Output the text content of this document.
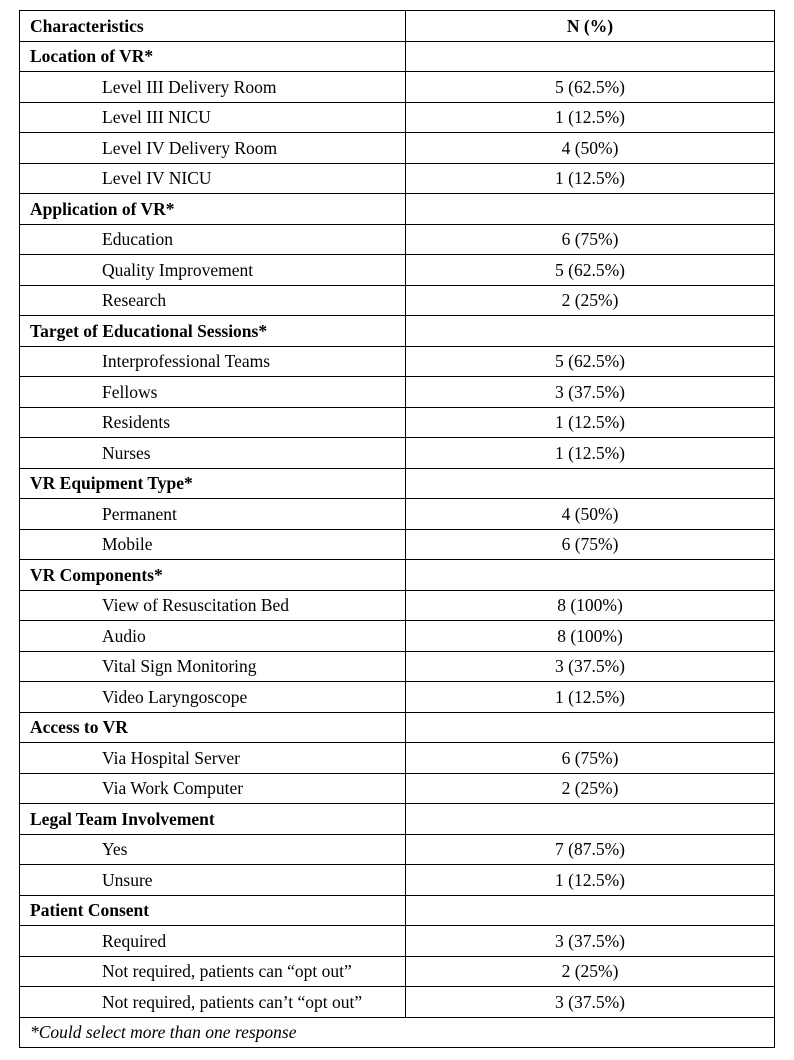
Characteristics	N (%)
Location of VR*	
Level III Delivery Room	5 (62.5%)
Level III NICU	1 (12.5%)
Level IV Delivery Room	4 (50%)
Level IV NICU	1 (12.5%)
Application of VR*	
Education	6 (75%)
Quality Improvement	5 (62.5%)
Research	2 (25%)
Target of Educational Sessions*	
Interprofessional Teams	5 (62.5%)
Fellows	3 (37.5%)
Residents	1 (12.5%)
Nurses	1 (12.5%)
VR Equipment Type*	
Permanent	4 (50%)
Mobile	6 (75%)
VR Components*	
View of Resuscitation Bed	8 (100%)
Audio	8 (100%)
Vital Sign Monitoring	3 (37.5%)
Video Laryngoscope	1 (12.5%)
Access to VR	
Via Hospital Server	6 (75%)
Via Work Computer	2 (25%)
Legal Team Involvement	
Yes	7 (87.5%)
Unsure	1 (12.5%)
Patient Consent	
Required	3 (37.5%)
Not required, patients can “opt out”	2 (25%)
Not required, patients can’t “opt out”	3 (37.5%)
*Could select more than one response	
